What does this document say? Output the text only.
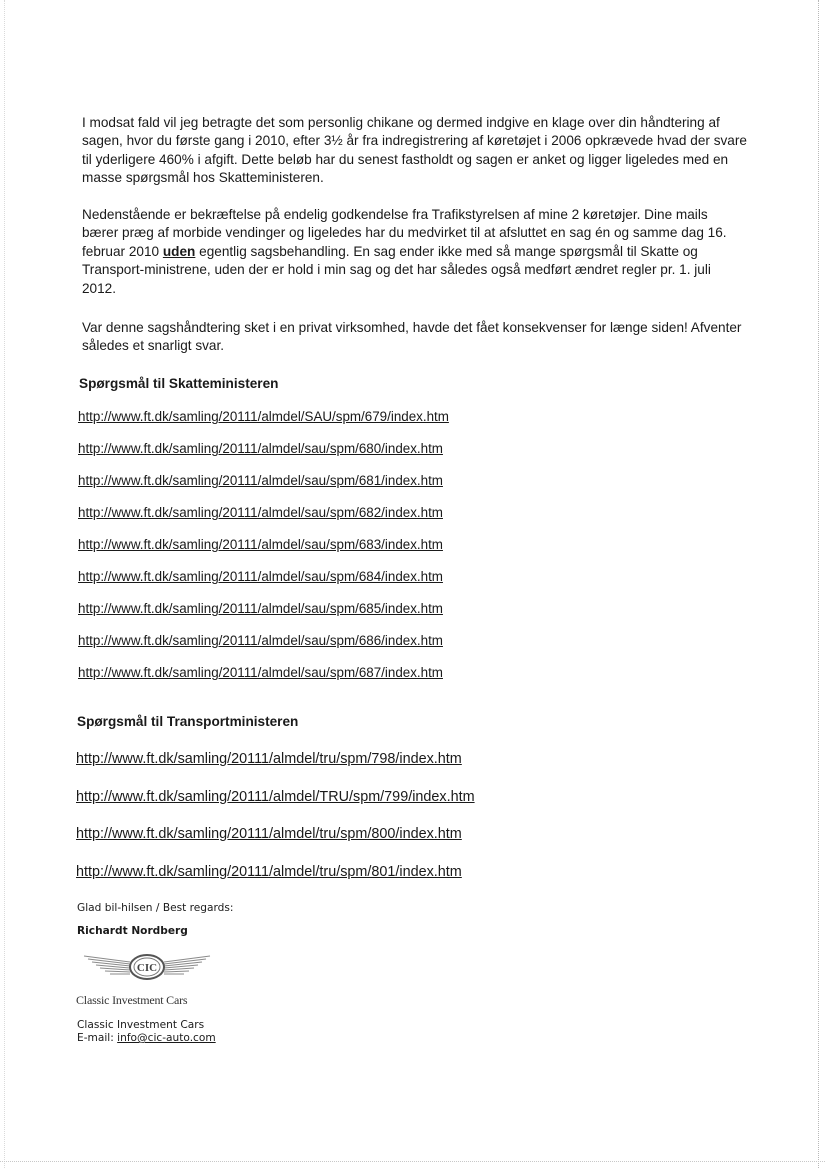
I modsat fald vil jeg betragte det som personlig chikane og dermed indgive en klage over din håndtering af sagen, hvor du første gang i 2010, efter 3½ år fra indregistrering af køretøjet i 2006 opkrævede hvad der svare til yderligere 460% i afgift. Dette beløb har du senest fastholdt og sagen er anket og ligger ligeledes med en masse spørgsmål hos Skatteministeren.

Nedenstående er bekræftelse på endelig godkendelse fra Trafikstyrelsen af mine 2 køretøjer. Dine mails bærer præg af morbide vendinger og ligeledes har du medvirket til at afsluttet en sag én og samme dag 16. februar 2010 uden egentlig sagsbehandling. En sag ender ikke med så mange spørgsmål til Skatte og Transport-ministrene, uden der er hold i min sag og det har således også medført ændret regler pr. 1. juli 2012.

Var denne sagshåndtering sket i en privat virksomhed, havde det fået konsekvenser for længe siden! Afventer således et snarligt svar.

Spørgsmål til Skatteministeren
http://www.ft.dk/samling/20111/almdel/SAU/spm/679/index.htm
http://www.ft.dk/samling/20111/almdel/sau/spm/680/index.htm
http://www.ft.dk/samling/20111/almdel/sau/spm/681/index.htm
http://www.ft.dk/samling/20111/almdel/sau/spm/682/index.htm
http://www.ft.dk/samling/20111/almdel/sau/spm/683/index.htm
http://www.ft.dk/samling/20111/almdel/sau/spm/684/index.htm
http://www.ft.dk/samling/20111/almdel/sau/spm/685/index.htm
http://www.ft.dk/samling/20111/almdel/sau/spm/686/index.htm
http://www.ft.dk/samling/20111/almdel/sau/spm/687/index.htm
Spørgsmål til Transportministeren
http://www.ft.dk/samling/20111/almdel/tru/spm/798/index.htm
http://www.ft.dk/samling/20111/almdel/TRU/spm/799/index.htm
http://www.ft.dk/samling/20111/almdel/tru/spm/800/index.htm
http://www.ft.dk/samling/20111/almdel/tru/spm/801/index.htm

Glad bil-hilsen / Best regards:

Richardt Nordberg

CIC
Classic Investment Cars

Classic Investment Cars

E-mail: info@cic-auto.com
